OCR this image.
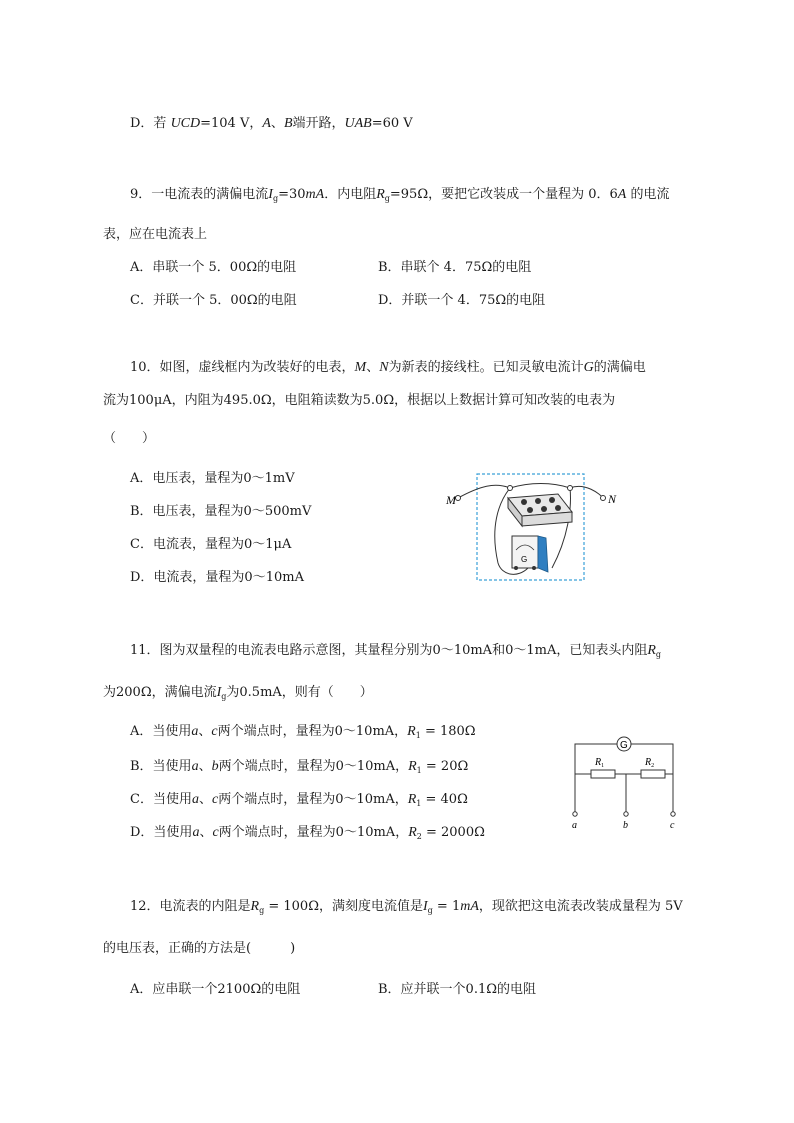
D．若 UCD=104 V，A、B端开路，UAB=60 V
9．一电流表的满偏电流$I_g=30mA$．内电阻$R_g=95\Omega$，要把它改装成一个量程为 0．6A 的电流
表，应在电流表上
A．串联一个 5．00Ω的电阻	B．串联个 4．75Ω的电阻
C．并联一个 5．00Ω的电阻	D．并联一个 4．75Ω的电阻
10．如图，虚线框内为改装好的电表，M、N为新表的接线柱。已知灵敏电流计G的满偏电
流为100μA，内阻为495.0Ω，电阻箱读数为5.0Ω，根据以上数据计算可知改装的电表为
（　　）
A．电压表，量程为0～1mV
B．电压表，量程为0～500mV
C．电流表，量程为0～1μA
D．电流表，量程为0～10mA
M	N
G
11．图为双量程的电流表电路示意图，其量程分别为0～10mA和0～1mA，已知表头内阻$R_g$
为200Ω，满偏电流$I_g$为0.5mA，则有（　　）
A．当使用a、c两个端点时，量程为0～10mA，$R_1 = 180\Omega$
B．当使用a、b两个端点时，量程为0～10mA，$R_1 = 20\Omega$
C．当使用a、c两个端点时，量程为0～10mA，$R_1 = 40\Omega$
D．当使用a、c两个端点时，量程为0～10mA，$R_2 = 2000\Omega$
G
$R_1$	$R_2$
a	b	c
12．电流表的内阻是$R_g = 100\Omega$，满刻度电流值是$I_g = 1mA$，现欲把这电流表改装成量程为 5V
的电压表，正确的方法是(　　　)
A．应串联一个2100Ω的电阻	B．应并联一个0.1Ω的电阻
